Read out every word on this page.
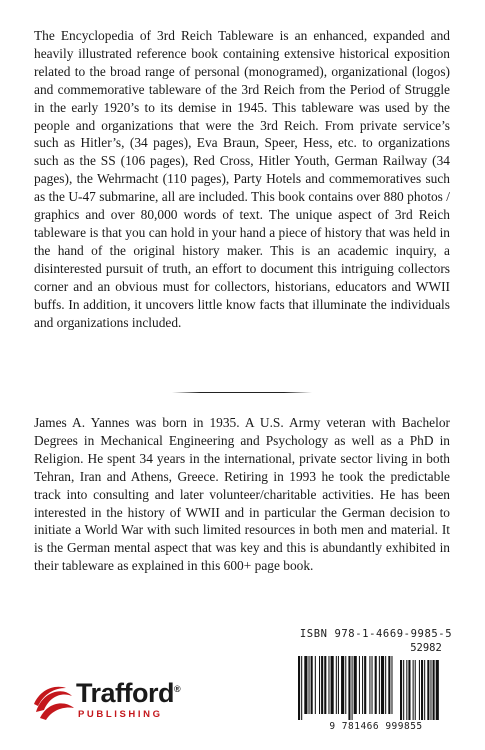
The Encyclopedia of 3rd Reich Tableware is an enhanced, expanded and heavily illustrated reference book containing extensive historical exposition related to the broad range of personal (monogramed), organizational (logos) and commemorative tableware of the 3rd Reich from the Period of Struggle in the early 1920’s to its demise in 1945. This tableware was used by the people and organizations that were the 3rd Reich. From private service’s such as Hitler’s, (34 pages), Eva Braun, Speer, Hess, etc. to organizations such as the SS (106 pages), Red Cross, Hitler Youth, German Railway (34 pages), the Wehrmacht (110 pages), Party Hotels and commemoratives such as the U-47 submarine, all are included. This book contains over 880 photos / graphics and over 80,000 words of text. The unique aspect of 3rd Reich tableware is that you can hold in your hand a piece of history that was held in the hand of the original history maker. This is an academic inquiry, a disinterested pursuit of truth, an effort to document this intriguing collectors corner and an obvious must for collectors, historians, educators and WWII buffs. In addition, it uncovers little know facts that illuminate the individuals and organizations included.

James A. Yannes was born in 1935. A U.S. Army veteran with Bachelor Degrees in Mechanical Engineering and Psychology as well as a PhD in Religion. He spent 34 years in the international, private sector living in both Tehran, Iran and Athens, Greece. Retiring in 1993 he took the predictable track into consulting and later volunteer/charitable activities. He has been interested in the history of WWII and in particular the German decision to initiate a World War with such limited resources in both men and material. It is the German mental aspect that was key and this is abundantly exhibited in their tableware as explained in this 600+ page book.

ISBN 978-1-4669-9985-5
52982
9 781466 999855
Trafford®
PUBLISHING
